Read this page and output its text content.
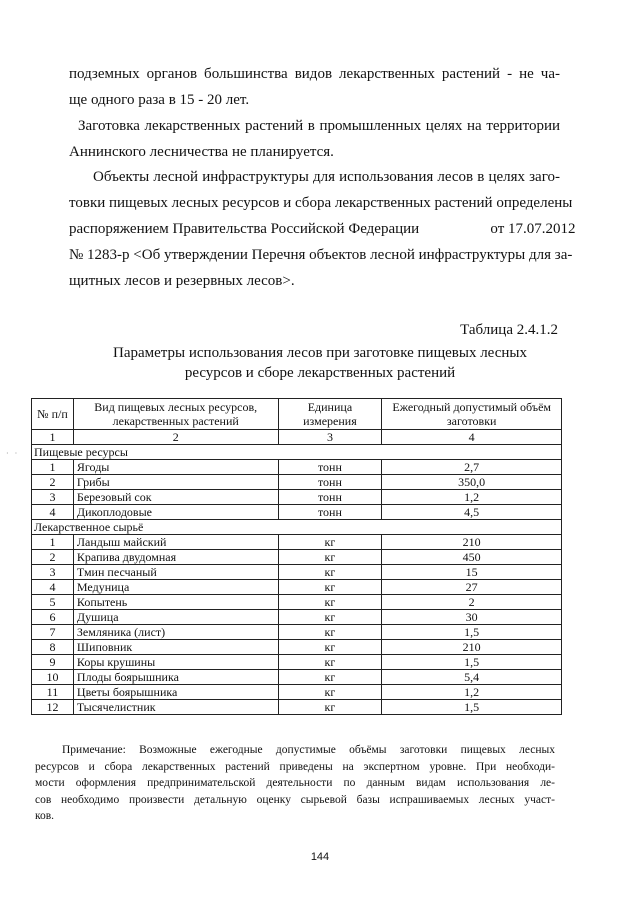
· ·
подземных органов большинства видов лекарственных растений - не ча-
ще одного раза в 15 - 20 лет.
Заготовка лекарственных растений в промышленных целях на территории
Аннинского лесничества не планируется.
Объекты лесной инфраструктуры для использования лесов в целях заго-
товки пищевых лесных ресурсов и сбора лекарственных растений определены
распоряжением Правительства Российской Федерации                   от 17.07.2012
№ 1283-р <Об утверждении Перечня объектов лесной инфраструктуры для за-
щитных лесов и резервных лесов>.
Таблица 2.4.1.2
Параметры использования лесов при заготовке пищевых лесных
ресурсов и сборе лекарственных растений
№ п/п	Вид пищевых лесных ресурсов, лекарственных растений	Единица измерения	Ежегодный допустимый объём заготовки
1	2	3	4
Пищевые ресурсы			
1	Ягоды	тонн	2,7
2	Грибы	тонн	350,0
3	Березовый сок	тонн	1,2
4	Дикоплодовые	тонн	4,5
Лекарственное сырьё			
1	Ландыш майский	кг	210
2	Крапива двудомная	кг	450
3	Тмин песчаный	кг	15
4	Медуница	кг	27
5	Копытень	кг	2
6	Душица	кг	30
7	Земляника (лист)	кг	1,5
8	Шиповник	кг	210
9	Коры крушины	кг	1,5
10	Плоды боярышника	кг	5,4
11	Цветы боярышника	кг	1,2
12	Тысячелистник	кг	1,5
Примечание: Возможные ежегодные допустимые объёмы заготовки пищевых лесных
ресурсов и сбора лекарственных растений приведены на экспертном уровне. При необходи-
мости оформления предпринимательской деятельности по данным видам использования ле-
сов необходимо произвести детальную оценку сырьевой базы испрашиваемых лесных участ-
ков.
144
